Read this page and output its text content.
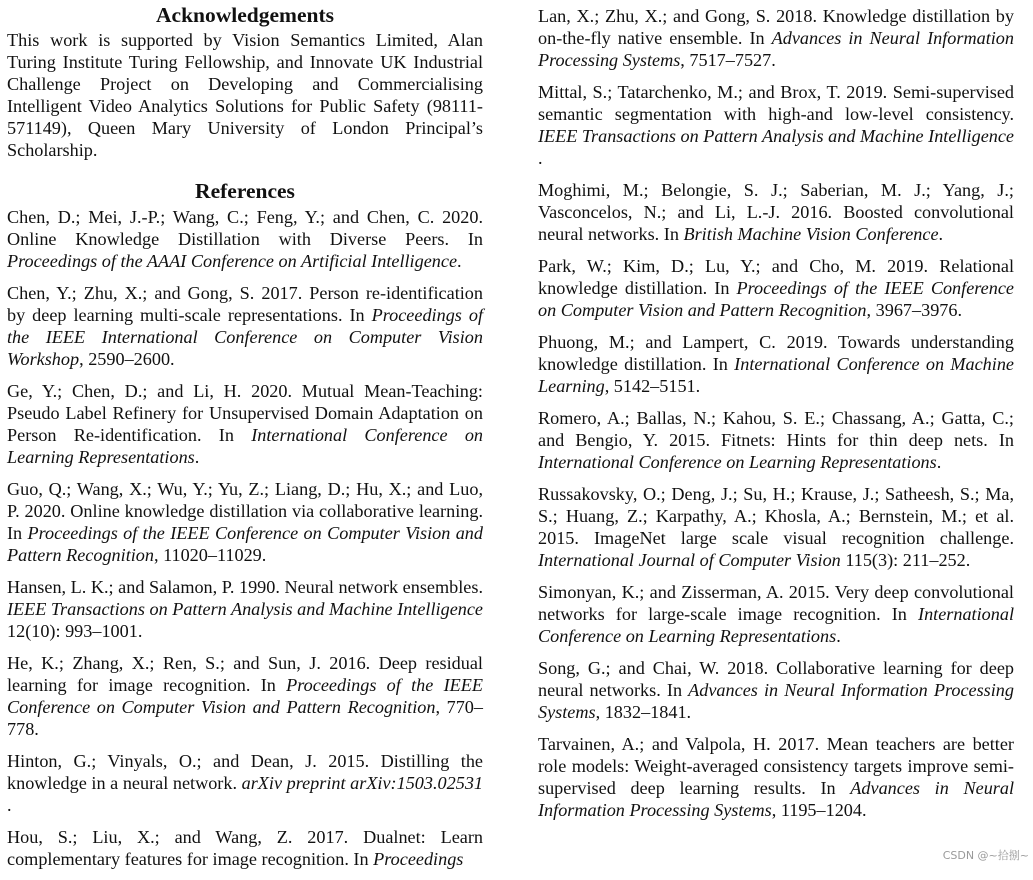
Acknowledgements

This work is supported by Vision Semantics Limited, Alan Turing Institute Turing Fellowship, and Innovate UK Industrial Challenge Project on Developing and Commercialising Intelligent Video Analytics Solutions for Public Safety (98111-571149), Queen Mary University of London Principal’s Scholarship.

References

Chen, D.; Mei, J.-P.; Wang, C.; Feng, Y.; and Chen, C. 2020. Online Knowledge Distillation with Diverse Peers. In Proceedings of the AAAI Conference on Artificial Intelligence.

Chen, Y.; Zhu, X.; and Gong, S. 2017. Person re-identification by deep learning multi-scale representations. In Proceedings of the IEEE International Conference on Computer Vision Workshop, 2590–2600.

Ge, Y.; Chen, D.; and Li, H. 2020. Mutual Mean-Teaching: Pseudo Label Refinery for Unsupervised Domain Adaptation on Person Re-identification. In International Conference on Learning Representations.

Guo, Q.; Wang, X.; Wu, Y.; Yu, Z.; Liang, D.; Hu, X.; and Luo, P. 2020. Online knowledge distillation via collaborative learning. In Proceedings of the IEEE Conference on Computer Vision and Pattern Recognition, 11020–11029.

Hansen, L. K.; and Salamon, P. 1990. Neural network ensembles. IEEE Transactions on Pattern Analysis and Machine Intelligence 12(10): 993–1001.

He, K.; Zhang, X.; Ren, S.; and Sun, J. 2016. Deep residual learning for image recognition. In Proceedings of the IEEE Conference on Computer Vision and Pattern Recognition, 770–778.

Hinton, G.; Vinyals, O.; and Dean, J. 2015. Distilling the knowledge in a neural network. arXiv preprint arXiv:1503.02531 .

Hou, S.; Liu, X.; and Wang, Z. 2017. Dualnet: Learn complementary features for image recognition. In Proceedings

Lan, X.; Zhu, X.; and Gong, S. 2018. Knowledge distillation by on-the-fly native ensemble. In Advances in Neural Information Processing Systems, 7517–7527.

Mittal, S.; Tatarchenko, M.; and Brox, T. 2019. Semi-supervised semantic segmentation with high-and low-level consistency. IEEE Transactions on Pattern Analysis and Machine Intelligence .

Moghimi, M.; Belongie, S. J.; Saberian, M. J.; Yang, J.; Vasconcelos, N.; and Li, L.-J. 2016. Boosted convolutional neural networks. In British Machine Vision Conference.

Park, W.; Kim, D.; Lu, Y.; and Cho, M. 2019. Relational knowledge distillation. In Proceedings of the IEEE Conference on Computer Vision and Pattern Recognition, 3967–3976.

Phuong, M.; and Lampert, C. 2019. Towards understanding knowledge distillation. In International Conference on Machine Learning, 5142–5151.

Romero, A.; Ballas, N.; Kahou, S. E.; Chassang, A.; Gatta, C.; and Bengio, Y. 2015. Fitnets: Hints for thin deep nets. In International Conference on Learning Representations.

Russakovsky, O.; Deng, J.; Su, H.; Krause, J.; Satheesh, S.; Ma, S.; Huang, Z.; Karpathy, A.; Khosla, A.; Bernstein, M.; et al. 2015. ImageNet large scale visual recognition challenge. International Journal of Computer Vision 115(3): 211–252.

Simonyan, K.; and Zisserman, A. 2015. Very deep convolutional networks for large-scale image recognition. In International Conference on Learning Representations.

Song, G.; and Chai, W. 2018. Collaborative learning for deep neural networks. In Advances in Neural Information Processing Systems, 1832–1841.

Tarvainen, A.; and Valpola, H. 2017. Mean teachers are better role models: Weight-averaged consistency targets improve semi-supervised deep learning results. In Advances in Neural Information Processing Systems, 1195–1204.

CSDN @~拾捌~
